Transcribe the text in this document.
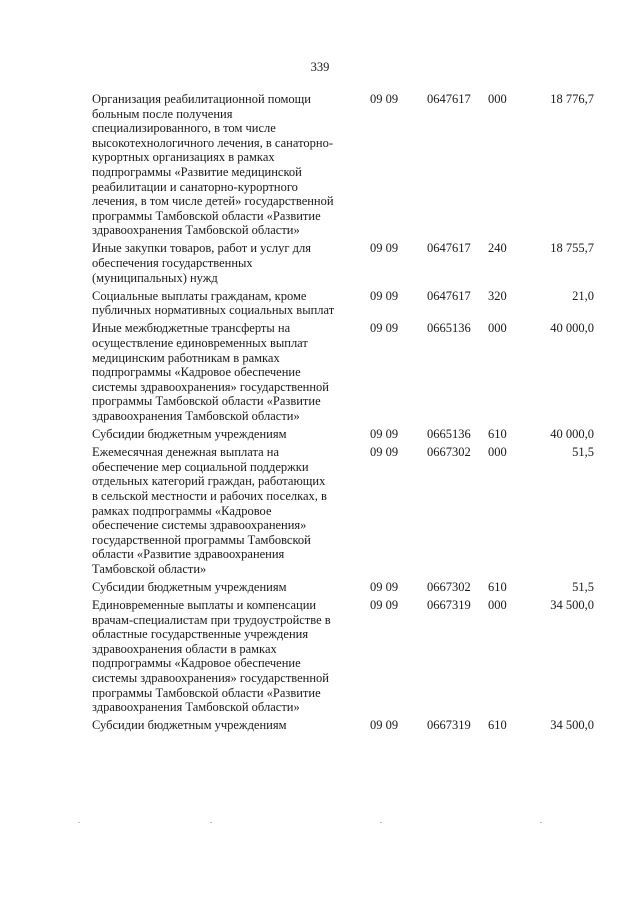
339
Организация реабилитационной помощи
больным после получения
специализированного, в том числе
высокотехнологичного лечения, в санаторно-
курортных организациях в рамках
подпрограммы «Развитие медицинской
реабилитации и санаторно-курортного
лечения, в том числе детей» государственной
программы Тамбовской области «Развитие
здравоохранения Тамбовской области»
09 09 0647617 000	18 776,7
Иные закупки товаров, работ и услуг для
обеспечения государственных
(муниципальных) нужд
09 09 0647617 240	18 755,7
Социальные выплаты гражданам, кроме
публичных нормативных социальных выплат
09 09 0647617 320	21,0
Иные межбюджетные трансферты на
осуществление единовременных выплат
медицинским работникам в рамках
подпрограммы «Кадровое обеспечение
системы здравоохранения» государственной
программы Тамбовской области «Развитие
здравоохранения Тамбовской области»
09 09 0665136 000	40 000,0
Субсидии бюджетным учреждениям	09 09 0665136 610	40 000,0
Ежемесячная денежная выплата на
обеспечение мер социальной поддержки
отдельных категорий граждан, работающих
в сельской местности и рабочих поселках, в
рамках подпрограммы «Кадровое
обеспечение системы здравоохранения»
государственной программы Тамбовской
области «Развитие здравоохранения
Тамбовской области»
09 09 0667302 000	51,5
Субсидии бюджетным учреждениям	09 09 0667302 610	51,5
Единовременные выплаты и компенсации
врачам-специалистам при трудоустройстве в
областные государственные учреждения
здравоохранения области в рамках
подпрограммы «Кадровое обеспечение
системы здравоохранения» государственной
программы Тамбовской области «Развитие
здравоохранения Тамбовской области»
09 09 0667319 000	34 500,0
Субсидии бюджетным учреждениям	09 09 0667319 610	34 500,0
